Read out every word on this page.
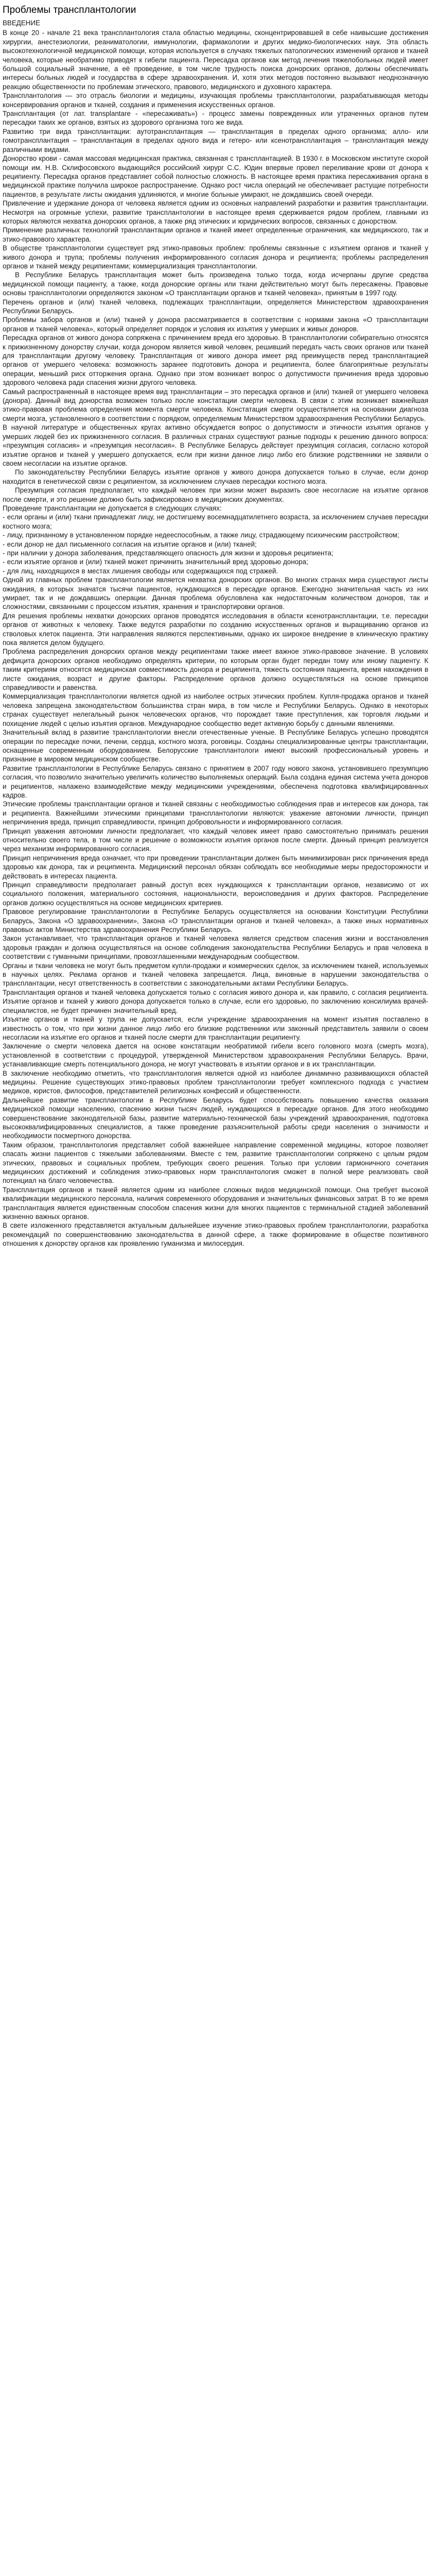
Проблемы трансплантологии
ВВЕДЕНИЕ

В конце 20 - начале 21 века трансплантология стала областью медицины, сконцентрировавшей в себе наивысшие достижения хирургии, анестезиологии, реаниматологии, иммунологии, фармакологии и других медико-биологических наук. Эта область высокотехнологичной медицинской помощи, которая используется в случаях тяжелых патологических изменений органов и тканей человека, которые необратимо приводят к гибели пациента. Пересадка органов как метод лечения тяжелобольных людей имеет большой социальный значение, а её проведение, в том числе трудность поиска донорских органов, должны обеспечивать интересы больных людей и государства в сфере здравоохранения. И, хотя этих методов постоянно вызывают неоднозначную реакцию общественности по проблемам этического, правового, медицинского и духовного характера.

Трансплантология — это отрасль биологии и медицины, изучающая проблемы трансплантологии, разрабатывающая методы консервирования органов и тканей, создания и применения искусственных органов.

Трансплантация (от лат. transplantare - «пересаживать») - процесс замены поврежденных или утраченных органов путем пересадки таких же органов, взятых из здорового организма того же вида.

Развитию три вида трансплантации: аутотрансплантация — трансплантация в пределах одного организма; алло- или гомотрансплантация – трансплантация в пределах одного вида и гетеро- или ксенотрансплантация – трансплантация между различными видами.

Донорство крови - самая массовая медицинская практика, связанная с трансплантацией. В 1930 г. в Московском институте скорой помощи им. Н.В. Склифосовского выдающийся российский хирург С.С. Юдин впервые провел переливание крови от донора к реципиенту. Пересадка органов представляет собой полностью сложность. В настоящее время практика пересаживания органа в медицинской практике получила широкое распространение. Однако рост числа операций не обеспечивает растущие потребности пациентов, в результате листы ожидания удлиняются, и многие больные умирают, не дождавшись своей очереди.

Привлечение и удержание донора от человека является одним из основных направлений разработки и развития трансплантации. Несмотря на огромные успехи, развитие трансплантологии в настоящее время сдерживается рядом проблем, главными из которых являются нехватка донорских органов, а также ряд этических и юридических вопросов, связанных с донорством.

Применение различных технологий трансплантации органов и тканей имеет определенные ограничения, как медицинского, так и этико-правового характера.

В обществе трансплантологии существует ряд этико-правовых проблем: проблемы связанные с изъятием органов и тканей у живого донора и трупа; проблемы получения информированного согласия донора и реципиента; проблемы распределения органов и тканей между реципиентами; коммерциализация трансплантологии.

В Республике Беларусь трансплантация может быть произведена только тогда, когда исчерпаны другие средства медицинской помощи пациенту, а также, когда донорские органы или ткани действительно могут быть пересажены. Правовые основы трансплантологии определяются законом «О трансплантации органов и тканей человека», принятым в 1997 году.

Перечень органов и (или) тканей человека, подлежащих трансплантации, определяется Министерством здравоохранения Республики Беларусь.

Проблемы забора органов и (или) тканей у донора рассматривается в соответствии с нормами закона «О трансплантации органов и тканей человека», который определяет порядок и условия их изъятия у умерших и живых доноров.

Пересадка органов от живого донора сопряжена с причинением вреда его здоровью. В трансплантологии собирательно относятся к прижизненному донорству случаи, когда донором является живой человек, решивший передать часть своих органов или тканей для трансплантации другому человеку. Трансплантация от живого донора имеет ряд преимуществ перед трансплантацией органов от умершего человека: возможность заранее подготовить донора и реципиента, более благоприятные результаты операции, меньший риск отторжения органа. Однако при этом возникает вопрос о допустимости причинения вреда здоровью здорового человека ради спасения жизни другого человека.

Самый распространенный в настоящее время вид трансплантации – это пересадка органов и (или) тканей от умершего человека (донора). Данный вид донорства возможен только после констатации смерти человека. В связи с этим возникает важнейшая этико-правовая проблема определения момента смерти человека. Констатация смерти осуществляется на основании диагноза смерти мозга, установленного в соответствии с порядком, определяемым Министерством здравоохранения Республики Беларусь.

В научной литературе и общественных кругах активно обсуждается вопрос о допустимости и этичности изъятия органов у умерших людей без их прижизненного согласия. В различных странах существуют разные подходы к решению данного вопроса: «презумпция согласия» и «презумпция несогласия». В Республике Беларусь действует презумпция согласия, согласно которой изъятие органов и тканей у умершего допускается, если при жизни данное лицо либо его близкие родственники не заявили о своем несогласии на изъятие органов.

По законодательству Республики Беларусь изъятие органов у живого донора допускается только в случае, если донор находится в генетической связи с реципиентом, за исключением случаев пересадки костного мозга.

Презумпция согласия предполагает, что каждый человек при жизни может выразить свое несогласие на изъятие органов после смерти, и это решение должно быть зафиксировано в медицинских документах.

Проведение трансплантации не допускается в следующих случаях:

- если органы и (или) ткани принадлежат лицу, не достигшему восемнадцатилетнего возраста, за исключением случаев пересадки костного мозга;

- лицу, признанному в установленном порядке недееспособным, а также лицу, страдающему психическим расстройством;

- если донор не дал письменного согласия на изъятие органов и (или) тканей;

- при наличии у донора заболевания, представляющего опасность для жизни и здоровья реципиента;

- если изъятие органов и (или) тканей может причинить значительный вред здоровью донора;

- для лиц, находящихся в местах лишения свободы или содержащихся под стражей.

Одной из главных проблем трансплантологии является нехватка донорских органов. Во многих странах мира существуют листы ожидания, в которых значатся тысячи пациентов, нуждающихся в пересадке органов. Ежегодно значительная часть из них умирает, так и не дождавшись операции. Данная проблема обусловлена как недостаточным количеством доноров, так и сложностями, связанными с процессом изъятия, хранения и транспортировки органов.

Для решения проблемы нехватки донорских органов проводятся исследования в области ксенотрансплантации, т.е. пересадки органов от животных к человеку. Также ведутся разработки по созданию искусственных органов и выращиванию органов из стволовых клеток пациента. Эти направления являются перспективными, однако их широкое внедрение в клиническую практику пока является делом будущего.

Проблема распределения донорских органов между реципиентами также имеет важное этико-правовое значение. В условиях дефицита донорских органов необходимо определять критерии, по которым орган будет передан тому или иному пациенту. К таким критериям относятся медицинская совместимость донора и реципиента, тяжесть состояния пациента, время нахождения в листе ожидания, возраст и другие факторы. Распределение органов должно осуществляться на основе принципов справедливости и равенства.

Коммерциализация трансплантологии является одной из наиболее острых этических проблем. Купля-продажа органов и тканей человека запрещена законодательством большинства стран мира, в том числе и Республики Беларусь. Однако в некоторых странах существует нелегальный рынок человеческих органов, что порождает такие преступления, как торговля людьми и похищение людей с целью изъятия органов. Международное сообщество ведет активную борьбу с данными явлениями.

Значительный вклад в развитие трансплантологии внесли отечественные ученые. В Республике Беларусь успешно проводятся операции по пересадке почки, печени, сердца, костного мозга, роговицы. Созданы специализированные центры трансплантации, оснащенные современным оборудованием. Белорусские трансплантологи имеют высокий профессиональный уровень и признание в мировом медицинском сообществе.

Развитие трансплантологии в Республике Беларусь связано с принятием в 2007 году нового закона, установившего презумпцию согласия, что позволило значительно увеличить количество выполняемых операций. Была создана единая система учета доноров и реципиентов, налажено взаимодействие между медицинскими учреждениями, обеспечена подготовка квалифицированных кадров.

Этические проблемы трансплантации органов и тканей связаны с необходимостью соблюдения прав и интересов как донора, так и реципиента. Важнейшими этическими принципами трансплантологии являются: уважение автономии личности, принцип непричинения вреда, принцип справедливости, принцип добровольности и информированного согласия.

Принцип уважения автономии личности предполагает, что каждый человек имеет право самостоятельно принимать решения относительно своего тела, в том числе и решение о возможности изъятия органов после смерти. Данный принцип реализуется через механизм информированного согласия.

Принцип непричинения вреда означает, что при проведении трансплантации должен быть минимизирован риск причинения вреда здоровью как донора, так и реципиента. Медицинский персонал обязан соблюдать все необходимые меры предосторожности и действовать в интересах пациента.

Принцип справедливости предполагает равный доступ всех нуждающихся к трансплантации органов, независимо от их социального положения, материального состояния, национальности, вероисповедания и других факторов. Распределение органов должно осуществляться на основе медицинских критериев.

Правовое регулирование трансплантологии в Республике Беларусь осуществляется на основании Конституции Республики Беларусь, Закона «О здравоохранении», Закона «О трансплантации органов и тканей человека», а также иных нормативных правовых актов Министерства здравоохранения Республики Беларусь.

Закон устанавливает, что трансплантация органов и тканей человека является средством спасения жизни и восстановления здоровья граждан и должна осуществляться на основе соблюдения законодательства Республики Беларусь и прав человека в соответствии с гуманными принципами, провозглашенными международным сообществом.

Органы и ткани человека не могут быть предметом купли-продажи и коммерческих сделок, за исключением тканей, используемых в научных целях. Реклама органов и тканей человека запрещается. Лица, виновные в нарушении законодательства о трансплантации, несут ответственность в соответствии с законодательными актами Республики Беларусь.

Трансплантация органов и тканей человека допускается только с согласия живого донора и, как правило, с согласия реципиента. Изъятие органов и тканей у живого донора допускается только в случае, если его здоровью, по заключению консилиума врачей-специалистов, не будет причинен значительный вред.

Изъятие органов и тканей у трупа не допускается, если учреждение здравоохранения на момент изъятия поставлено в известность о том, что при жизни данное лицо либо его близкие родственники или законный представитель заявили о своем несогласии на изъятие его органов и тканей после смерти для трансплантации реципиенту.

Заключение о смерти человека дается на основе констатации необратимой гибели всего головного мозга (смерть мозга), установленной в соответствии с процедурой, утвержденной Министерством здравоохранения Республики Беларусь. Врачи, устанавливающие смерть потенциального донора, не могут участвовать в изъятии органов и в их трансплантации.

В заключение необходимо отметить, что трансплантология является одной из наиболее динамично развивающихся областей медицины. Решение существующих этико-правовых проблем трансплантологии требует комплексного подхода с участием медиков, юристов, философов, представителей религиозных конфессий и общественности.

Дальнейшее развитие трансплантологии в Республике Беларусь будет способствовать повышению качества оказания медицинской помощи населению, спасению жизни тысяч людей, нуждающихся в пересадке органов. Для этого необходимо совершенствование законодательной базы, развитие материально-технической базы учреждений здравоохранения, подготовка высококвалифицированных специалистов, а также проведение разъяснительной работы среди населения о значимости и необходимости посмертного донорства.

Таким образом, трансплантология представляет собой важнейшее направление современной медицины, которое позволяет спасать жизни пациентов с тяжелыми заболеваниями. Вместе с тем, развитие трансплантологии сопряжено с целым рядом этических, правовых и социальных проблем, требующих своего решения. Только при условии гармоничного сочетания медицинских достижений и соблюдения этико-правовых норм трансплантология сможет в полной мере реализовать свой потенциал на благо человечества.

Трансплантация органов и тканей является одним из наиболее сложных видов медицинской помощи. Она требует высокой квалификации медицинского персонала, наличия современного оборудования и значительных финансовых затрат. В то же время трансплантация является единственным способом спасения жизни для многих пациентов с терминальной стадией заболеваний жизненно важных органов.

В свете изложенного представляется актуальным дальнейшее изучение этико-правовых проблем трансплантологии, разработка рекомендаций по совершенствованию законодательства в данной сфере, а также формирование в обществе позитивного отношения к донорству органов как проявлению гуманизма и милосердия.
